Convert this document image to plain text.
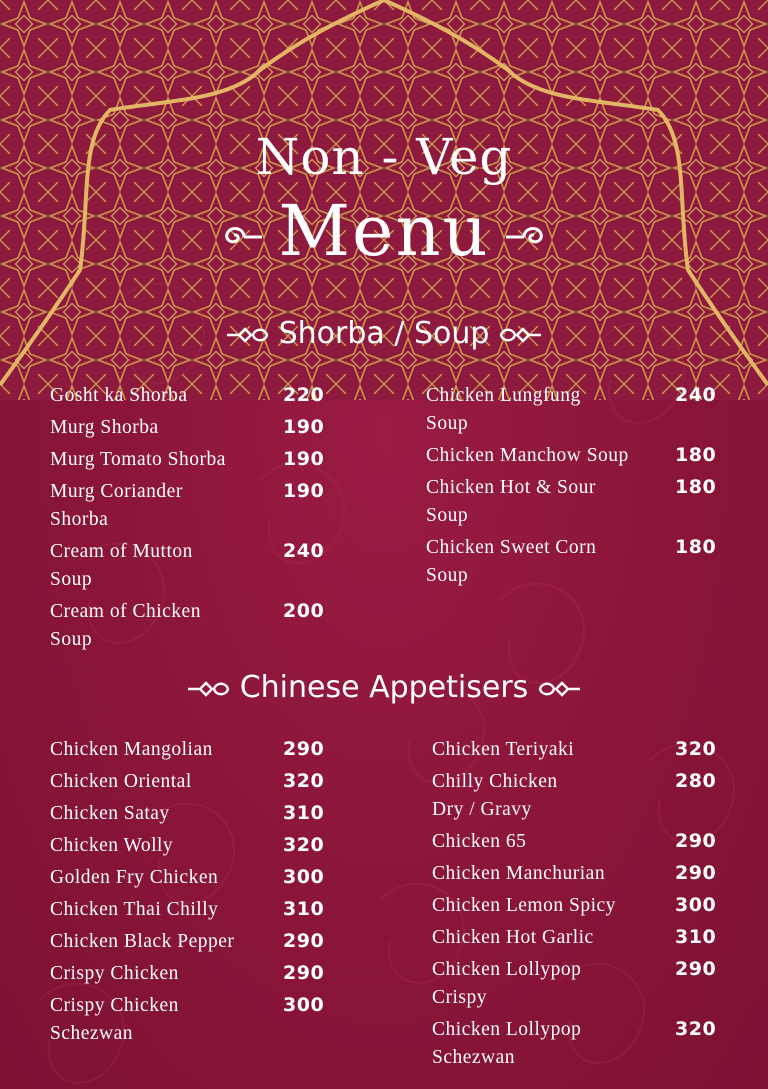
Non - Veg
Menu
Shorba / Soup
Gosht ka Shorba	220
Murg Shorba	190
Murg Tomato Shorba	190
Murg Coriander
Shorba
190
Cream of Mutton
Soup
240
Cream of Chicken
Soup
200
Chicken Lungfung
Soup
240
Chicken Manchow Soup	180
Chicken Hot & Sour
Soup
180
Chicken Sweet Corn
Soup
180
Chinese Appetisers
Chicken Mangolian	290
Chicken Oriental	320
Chicken Satay	310
Chicken Wolly	320
Golden Fry Chicken	300
Chicken Thai Chilly	310
Chicken Black Pepper	290
Crispy Chicken	290
Crispy Chicken
Schezwan
300
Chicken Teriyaki	320
Chilly Chicken
Dry / Gravy
280
Chicken 65	290
Chicken Manchurian	290
Chicken Lemon Spicy	300
Chicken Hot Garlic	310
Chicken Lollypop
Crispy
290
Chicken Lollypop
Schezwan
320
